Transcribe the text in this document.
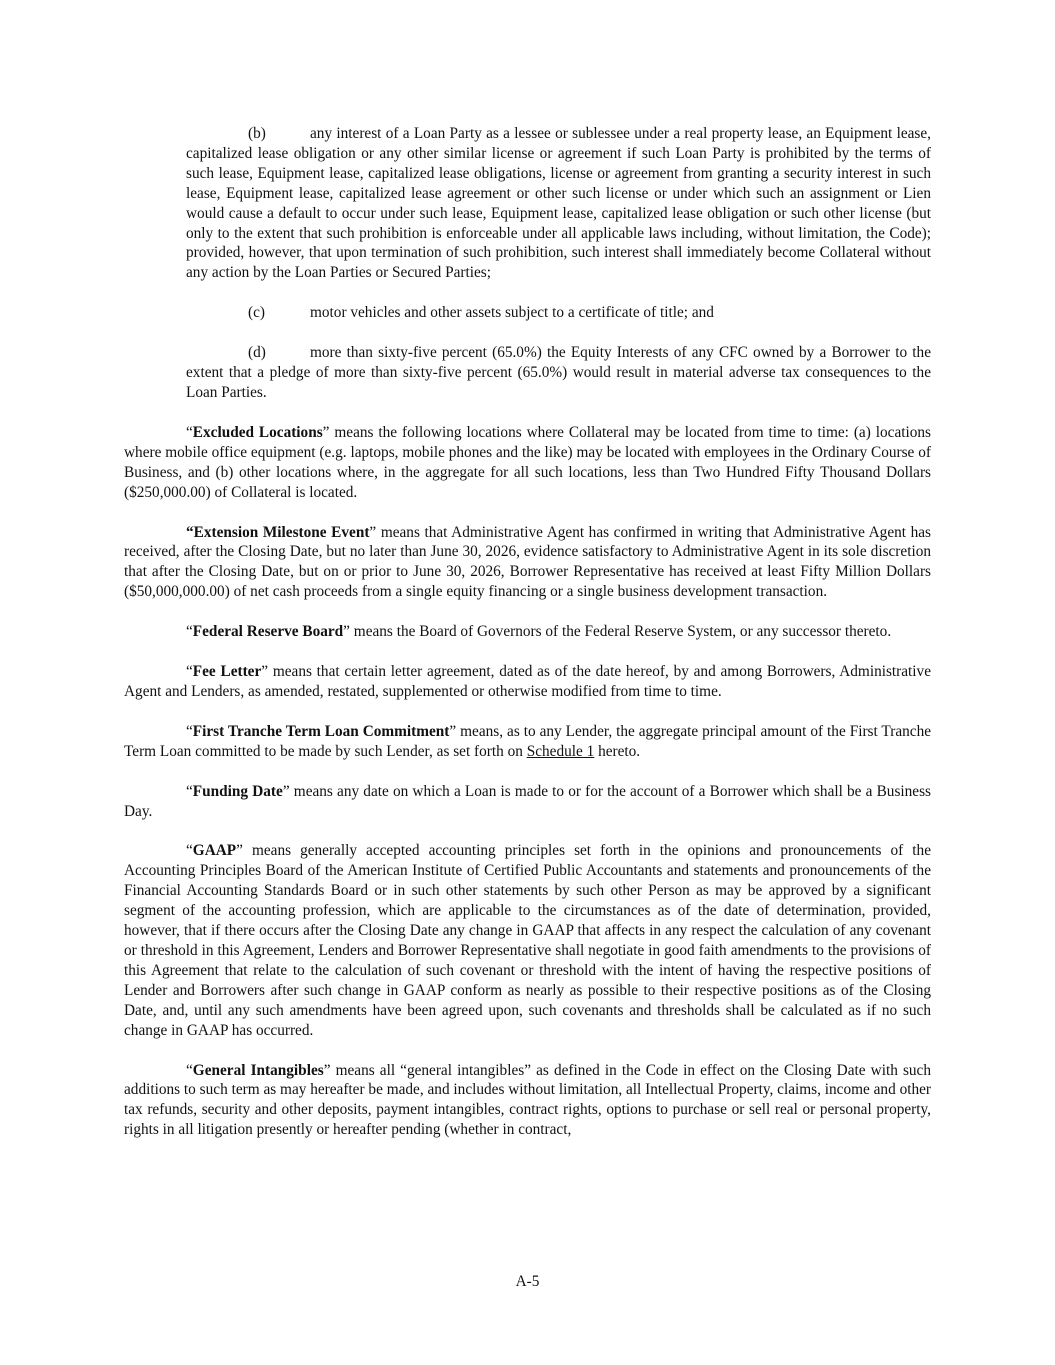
(b)	any interest of a Loan Party as a lessee or sublessee under a real property lease, an Equipment lease, capitalized lease obligation or any other similar license or agreement if such Loan Party is prohibited by the terms of such lease, Equipment lease, capitalized lease obligations, license or agreement from granting a security interest in such lease, Equipment lease, capitalized lease agreement or other such license or under which such an assignment or Lien would cause a default to occur under such lease, Equipment lease, capitalized lease obligation or such other license (but only to the extent that such prohibition is enforceable under all applicable laws including, without limitation, the Code); provided, however, that upon termination of such prohibition, such interest shall immediately become Collateral without any action by the Loan Parties or Secured Parties;

(c)	motor vehicles and other assets subject to a certificate of title; and

(d)	more than sixty-five percent (65.0%) the Equity Interests of any CFC owned by a Borrower to the extent that a pledge of more than sixty-five percent (65.0%) would result in material adverse tax consequences to the Loan Parties.

“Excluded Locations” means the following locations where Collateral may be located from time to time: (a) locations where mobile office equipment (e.g. laptops, mobile phones and the like) may be located with employees in the Ordinary Course of Business, and (b) other locations where, in the aggregate for all such locations, less than Two Hundred Fifty Thousand Dollars ($250,000.00) of Collateral is located.

“Extension Milestone Event” means that Administrative Agent has confirmed in writing that Administrative Agent has received, after the Closing Date, but no later than June 30, 2026, evidence satisfactory to Administrative Agent in its sole discretion that after the Closing Date, but on or prior to June 30, 2026, Borrower Representative has received at least Fifty Million Dollars ($50,000,000.00) of net cash proceeds from a single equity financing or a single business development transaction.

“Federal Reserve Board” means the Board of Governors of the Federal Reserve System, or any successor thereto.

“Fee Letter” means that certain letter agreement, dated as of the date hereof, by and among Borrowers, Administrative Agent and Lenders, as amended, restated, supplemented or otherwise modified from time to time.

“First Tranche Term Loan Commitment” means, as to any Lender, the aggregate principal amount of the First Tranche Term Loan committed to be made by such Lender, as set forth on Schedule 1 hereto.

“Funding Date” means any date on which a Loan is made to or for the account of a Borrower which shall be a Business Day.

“GAAP” means generally accepted accounting principles set forth in the opinions and pronouncements of the Accounting Principles Board of the American Institute of Certified Public Accountants and statements and pronouncements of the Financial Accounting Standards Board or in such other statements by such other Person as may be approved by a significant segment of the accounting profession, which are applicable to the circumstances as of the date of determination, provided, however, that if there occurs after the Closing Date any change in GAAP that affects in any respect the calculation of any covenant or threshold in this Agreement, Lenders and Borrower Representative shall negotiate in good faith amendments to the provisions of this Agreement that relate to the calculation of such covenant or threshold with the intent of having the respective positions of Lender and Borrowers after such change in GAAP conform as nearly as possible to their respective positions as of the Closing Date, and, until any such amendments have been agreed upon, such covenants and thresholds shall be calculated as if no such change in GAAP has occurred.

“General Intangibles” means all “general intangibles” as defined in the Code in effect on the Closing Date with such additions to such term as may hereafter be made, and includes without limitation, all Intellectual Property, claims, income and other tax refunds, security and other deposits, payment intangibles, contract rights, options to purchase or sell real or personal property, rights in all litigation presently or hereafter pending (whether in contract,

A-5
